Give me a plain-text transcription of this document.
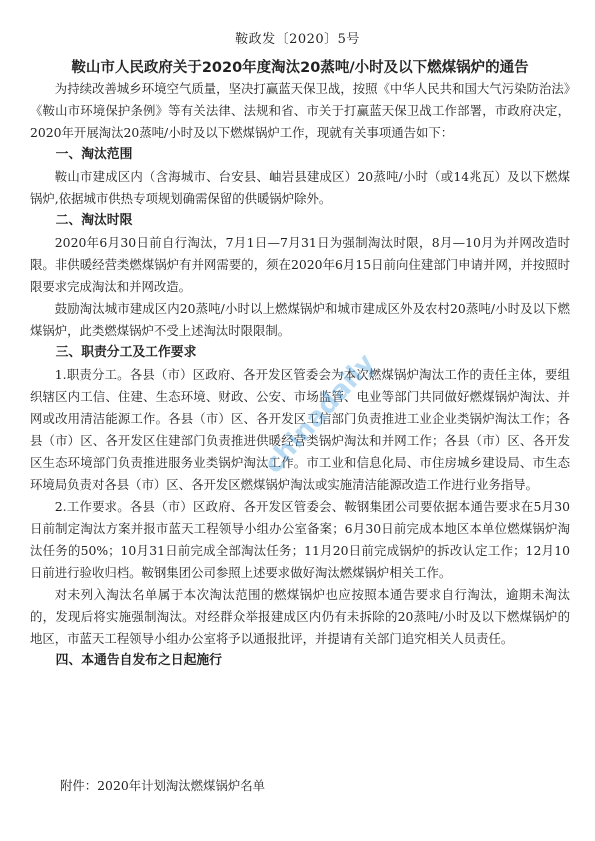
鞍政发〔2020〕5号
鞍山市人民政府关于2020年度淘汰20蒸吨/小时及以下燃煤锅炉的通告

为持续改善城乡环境空气质量，坚决打赢蓝天保卫战，按照《中华人民共和国大气污染防治法》《鞍山市环境保护条例》等有关法律、法规和省、市关于打赢蓝天保卫战工作部署，市政府决定，2020年开展淘汰20蒸吨/小时及以下燃煤锅炉工作，现就有关事项通告如下：

一、淘汰范围

鞍山市建成区内（含海城市、台安县、岫岩县建成区）20蒸吨/小时（或14兆瓦）及以下燃煤锅炉,依据城市供热专项规划确需保留的供暖锅炉除外。

二、淘汰时限

2020年6月30日前自行淘汰，7月1日—7月31日为强制淘汰时限，8月—10月为并网改造时限。非供暖经营类燃煤锅炉有并网需要的，须在2020年6月15日前向住建部门申请并网，并按照时限要求完成淘汰和并网改造。

鼓励淘汰城市建成区内20蒸吨/小时以上燃煤锅炉和城市建成区外及农村20蒸吨/小时及以下燃煤锅炉，此类燃煤锅炉不受上述淘汰时限限制。

三、职责分工及工作要求

1.职责分工。各县（市）区政府、各开发区管委会为本次燃煤锅炉淘汰工作的责任主体，要组织辖区内工信、住建、生态环境、财政、公安、市场监管、电业等部门共同做好燃煤锅炉淘汰、并网或改用清洁能源工作。各县（市）区、各开发区工信部门负责推进工业企业类锅炉淘汰工作；各县（市）区、各开发区住建部门负责推进供暖经营类锅炉淘汰和并网工作；各县（市）区、各开发区生态环境部门负责推进服务业类锅炉淘汰工作。市工业和信息化局、市住房城乡建设局、市生态环境局负责对各县（市）区、各开发区燃煤锅炉淘汰或实施清洁能源改造工作进行业务指导。

2.工作要求。各县（市）区政府、各开发区管委会、鞍钢集团公司要依据本通告要求在5月30日前制定淘汰方案并报市蓝天工程领导小组办公室备案；6月30日前完成本地区本单位燃煤锅炉淘汰任务的50%；10月31日前完成全部淘汰任务；11月20日前完成锅炉的拆改认定工作；12月10日前进行验收归档。鞍钢集团公司参照上述要求做好淘汰燃煤锅炉相关工作。

对未列入淘汰名单属于本次淘汰范围的燃煤锅炉也应按照本通告要求自行淘汰，逾期未淘汰的，发现后将实施强制淘汰。对经群众举报建成区内仍有未拆除的20蒸吨/小时及以下燃煤锅炉的地区，市蓝天工程领导小组办公室将予以通报批评，并提请有关部门追究相关人员责任。

四、本通告自发布之日起施行

附件：2020年计划淘汰燃煤锅炉名单
chinadaily
